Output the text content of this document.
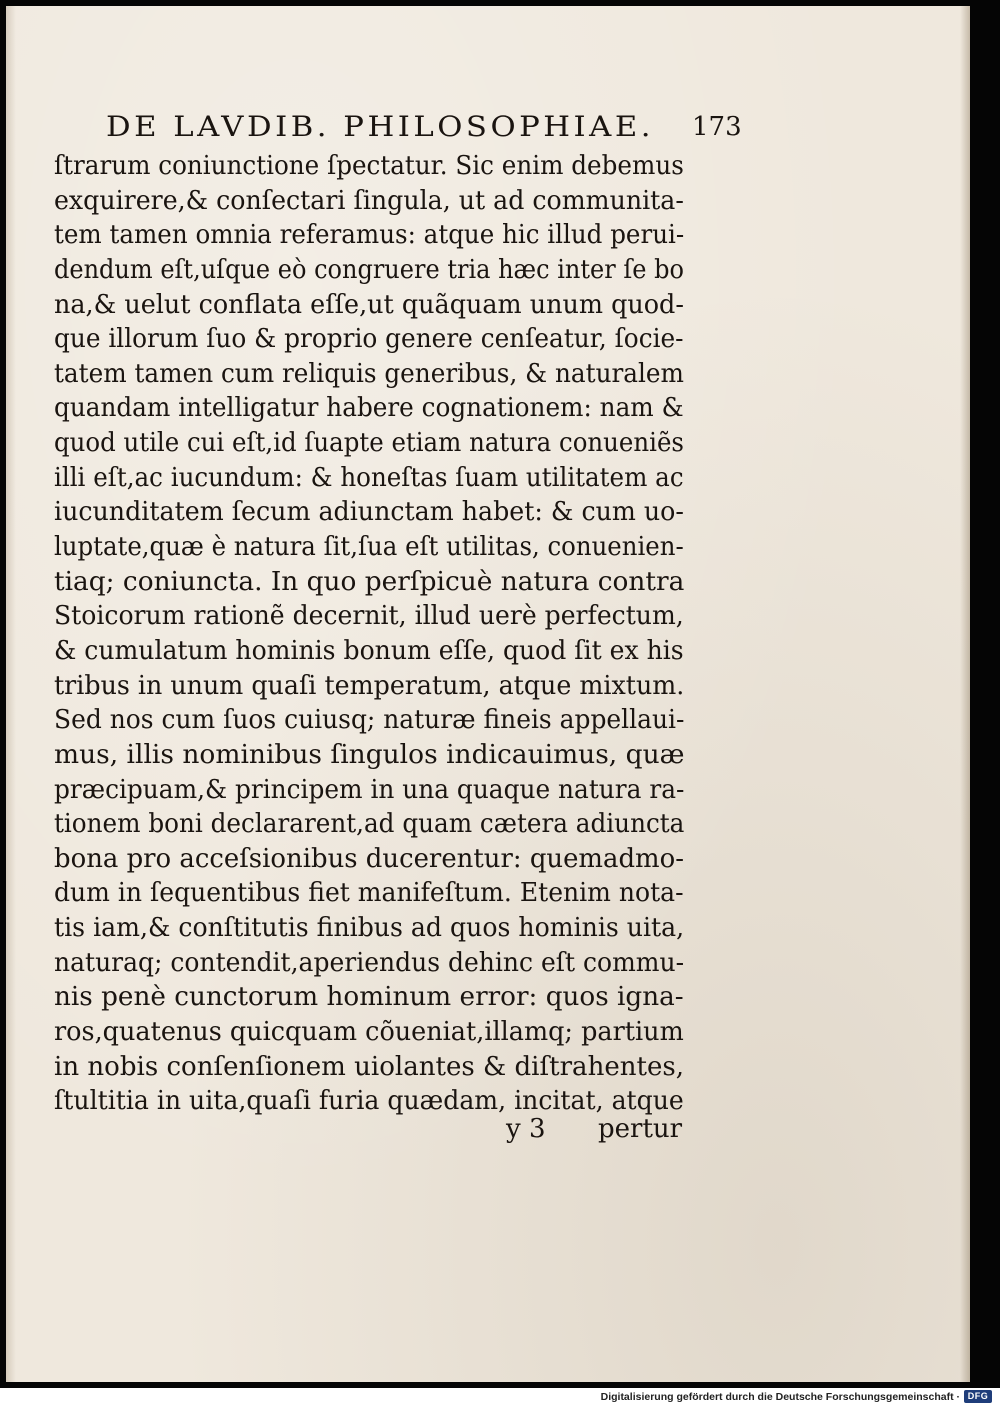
DE LAVDIB. PHILOSOPHIAE. 173
ſtrarum coniunctione ſpectatur. Sic enim debemus
exquirere,& conſectari ſingula, ut ad communita-
tem tamen omnia referamus: atque hic illud perui-
dendum eſt,uſque eò congruere tria hæc inter ſe bo
na,& uelut conflata eſſe,ut quãquam unum quod-
que illorum ſuo & proprio genere cenſeatur, ſocie-
tatem tamen cum reliquis generibus, & naturalem
quandam intelligatur habere cognationem: nam &
quod utile cui eſt,id ſuapte etiam natura conueniẽs
illi eſt,ac iucundum: & honeſtas ſuam utilitatem ac
iucunditatem ſecum adiunctam habet: & cum uo-
luptate,quæ è natura ſit,ſua eſt utilitas, conuenien-
tiaq; coniuncta. In quo perſpicuè natura contra
Stoicorum rationẽ decernit, illud uerè perfectum,
& cumulatum hominis bonum eſſe, quod ſit ex his
tribus in unum quaſi temperatum, atque mixtum.
Sed nos cum ſuos cuiusq; naturæ fineis appellaui-
mus, illis nominibus ſingulos indicauimus, quæ
præcipuam,& principem in una quaque natura ra-
tionem boni declararent,ad quam cætera adiuncta
bona pro acceſsionibus ducerentur: quemadmo-
dum in ſequentibus fiet manifeſtum. Etenim nota-
tis iam,& conſtitutis finibus ad quos hominis uita,
naturaq; contendit,aperiendus dehinc eſt commu-
nis penè cunctorum hominum error: quos igna-
ros,quatenus quicquam cõueniat,illamq; partium
in nobis conſenſionem uiolantes & diſtrahentes,
ſtultitia in uita,quaſi furia quædam, incitat, atque
y 3 pertur
Digitalisierung gefördert durch die Deutsche Forschungsgemeinschaft · DFG
